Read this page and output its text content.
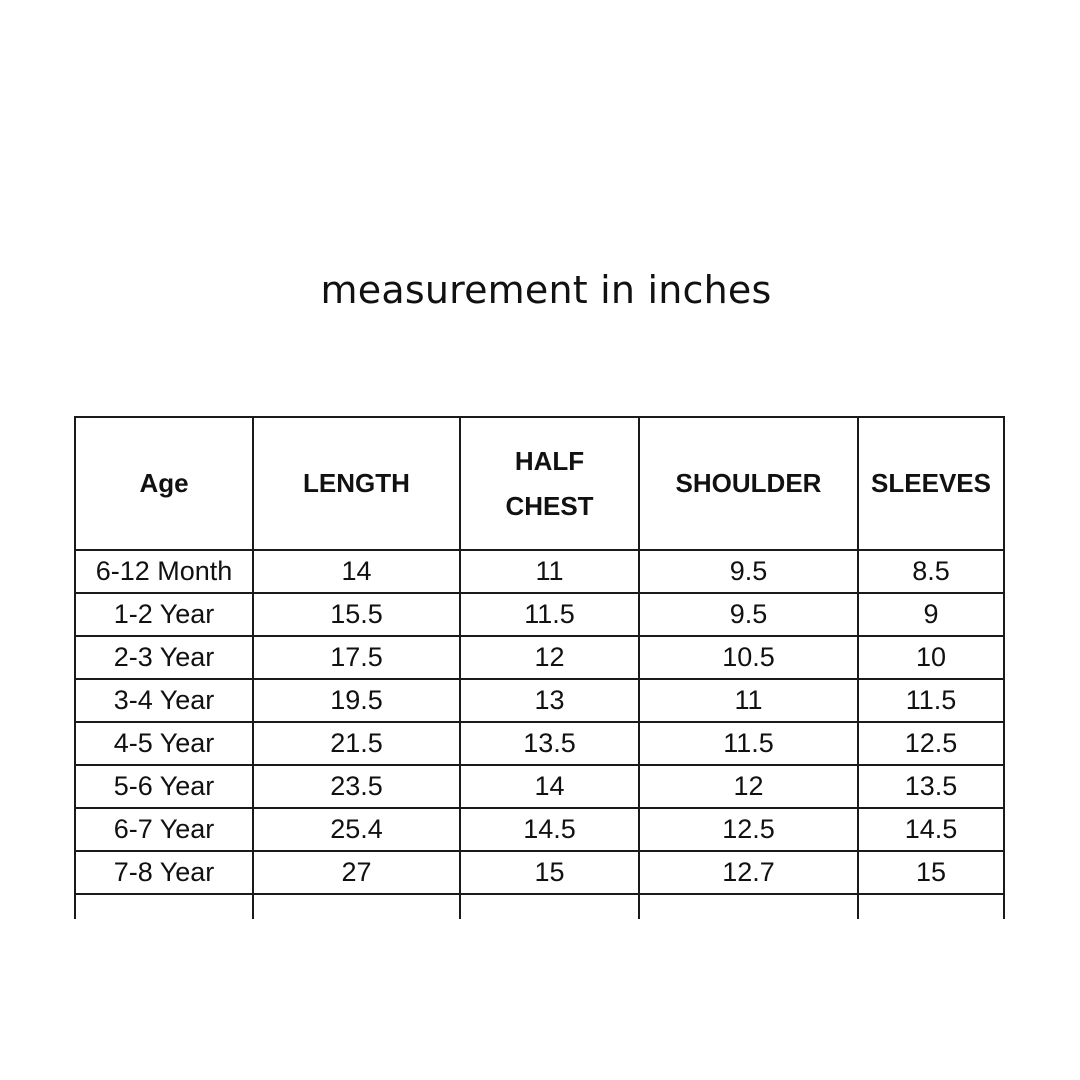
measurement in inches
Age	LENGTH	HALF CHEST	SHOULDER	SLEEVES
6-12 Month	14	11	9.5	8.5
1-2 Year	15.5	11.5	9.5	9
2-3 Year	17.5	12	10.5	10
3-4 Year	19.5	13	11	11.5
4-5 Year	21.5	13.5	11.5	12.5
5-6 Year	23.5	14	12	13.5
6-7 Year	25.4	14.5	12.5	14.5
7-8 Year	27	15	12.7	15
